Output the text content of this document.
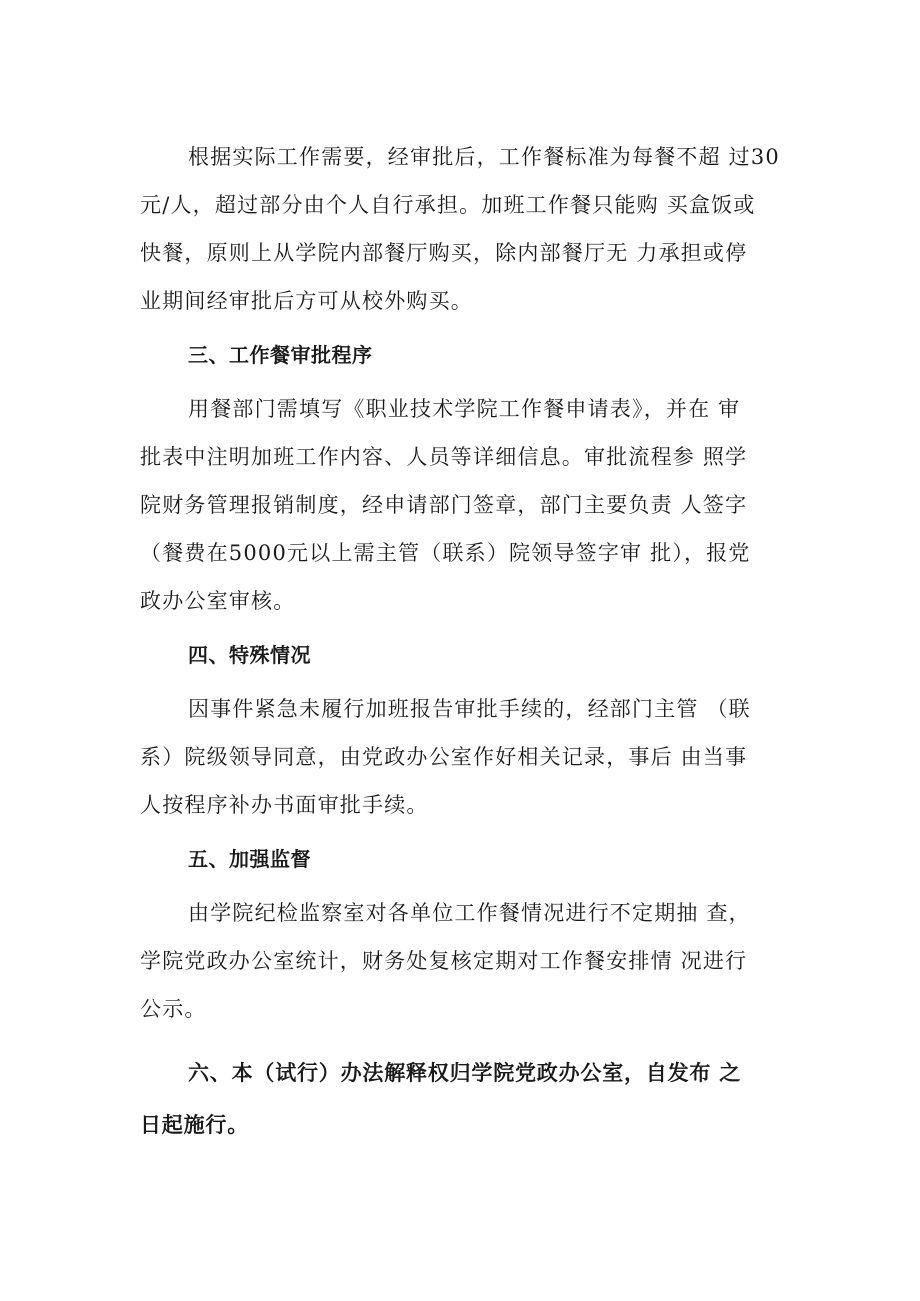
根据实际工作需要，经审批后，工作餐标准为每餐不超 过30
元/人，超过部分由个人自行承担。加班工作餐只能购 买盒饭或
快餐，原则上从学院内部餐厅购买，除内部餐厅无 力承担或停
业期间经审批后方可从校外购买。
三、工作餐审批程序
用餐部门需填写《职业技术学院工作餐申请表》，并在 审
批表中注明加班工作内容、人员等详细信息。审批流程参 照学
院财务管理报销制度，经申请部门签章，部门主要负责 人签字
（餐费在5000元以上需主管（联系）院领导签字审 批），报党
政办公室审核。
四、特殊情况
因事件紧急未履行加班报告审批手续的，经部门主管 （联
系）院级领导同意，由党政办公室作好相关记录，事后 由当事
人按程序补办书面审批手续。
五、加强监督
由学院纪检监察室对各单位工作餐情况进行不定期抽 查，
学院党政办公室统计，财务处复核定期对工作餐安排情 况进行
公示。
六、本（试行）办法解释权归学院党政办公室，自发布 之
日起施行。
